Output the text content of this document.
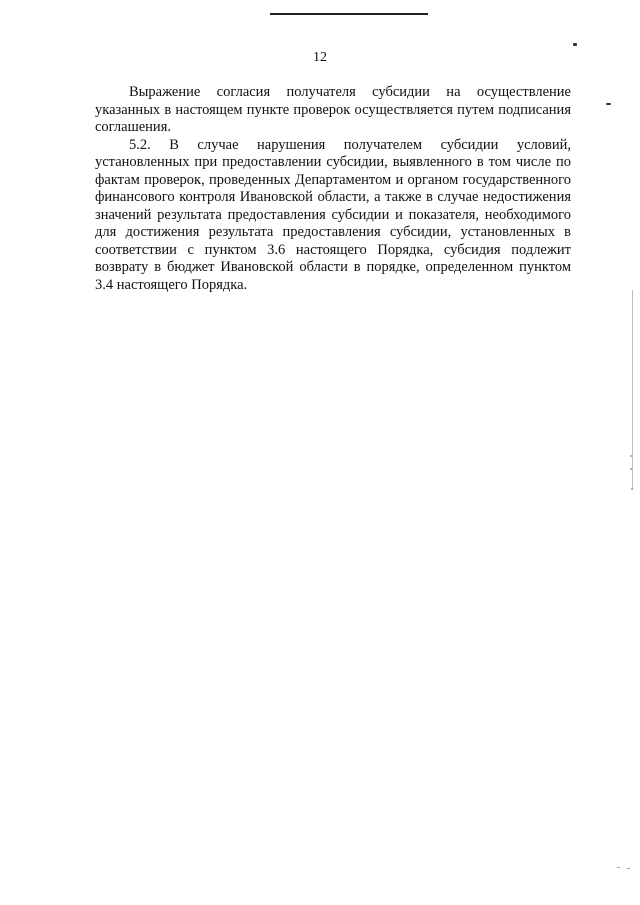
12

Выражение согласия получателя субсидии на осуществление указанных в настоящем пункте проверок осуществляется путем подписания соглашения.

5.2. В случае нарушения получателем субсидии условий, установленных при предоставлении субсидии, выявленного в том числе по фактам проверок, проведенных Департаментом и органом государственного финансового контроля Ивановской области, а также в случае недостижения значений результата предоставления субсидии и показателя, необходимого для достижения результата предоставления субсидии, установленных в соответствии с пунктом 3.6 настоящего Порядка, субсидия подлежит возврату в бюджет Ивановской области в порядке, определенном пунктом 3.4 настоящего Порядка.
